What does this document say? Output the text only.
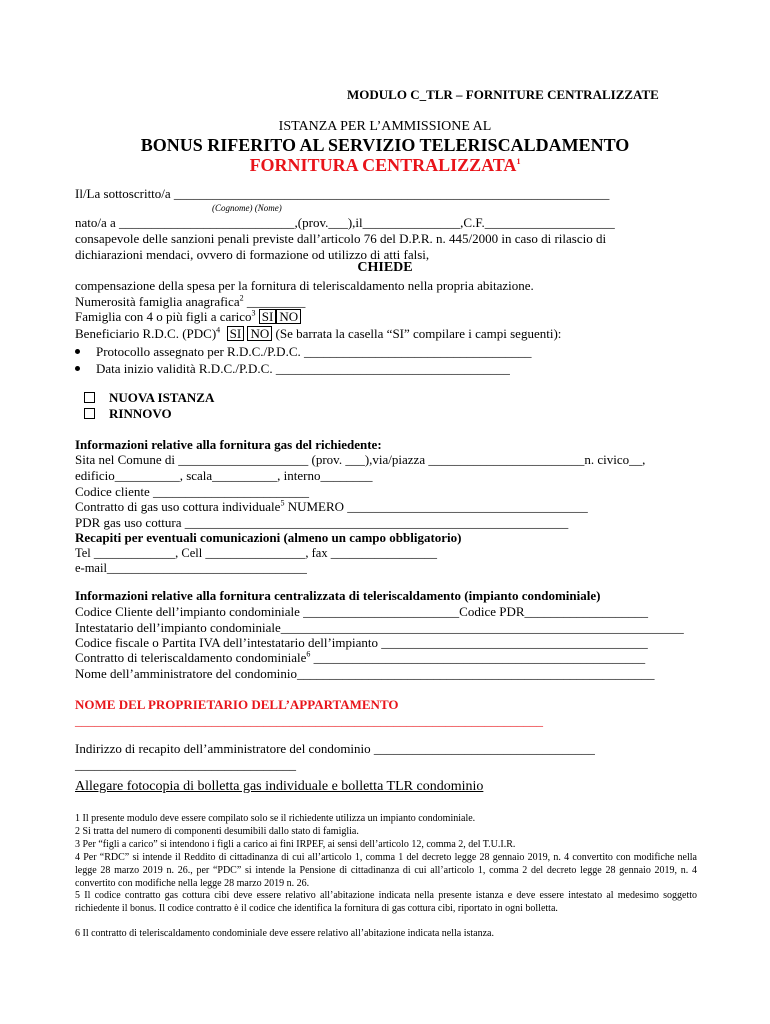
MODULO C_TLR – FORNITURE CENTRALIZZATE
ISTANZA PER L’AMMISSIONE AL
BONUS RIFERITO AL SERVIZIO TELERISCALDAMENTO
FORNITURA CENTRALIZZATA$^1$
Il/La sottoscritto/a ___________________________________________________________________
(Cognome) (Nome)
nato/a a ___________________________,(prov.___),il_______________,C.F.____________________
consapevole delle sanzioni penali previste dall’articolo 76 del D.P.R. n. 445/2000 in caso di rilascio di
dichiarazioni mendaci, ovvero di formazione od utilizzo di atti falsi,
CHIEDE
compensazione della spesa per la fornitura di teleriscaldamento nella propria abitazione.
Numerosità famiglia anagrafica$^2$ _________
Famiglia con 4 o più figli a carico$^3$ SI NO
Beneficiario R.D.C. (PDC)$^4$ SI NO (Se barrata la casella “SI” compilare i campi seguenti):
Protocollo assegnato per R.D.C./P.D.C. ___________________________________
Data inizio validità R.D.C./P.D.C. ____________________________________
NUOVA ISTANZA
RINNOVO
Informazioni relative alla fornitura gas del richiedente:
Sita nel Comune di ____________________ (prov. ___),via/piazza ________________________n. civico__,
edificio__________, scala__________, interno________
Codice cliente ________________________
Contratto di gas uso cottura individuale$^5$ NUMERO _____________________________________
PDR gas uso cottura ___________________________________________________________
Recapiti per eventuali comunicazioni (almeno un campo obbligatorio)
Tel _____________, Cell ________________, fax _________________
e-mail________________________________
Informazioni relative alla fornitura centralizzata di teleriscaldamento (impianto condominiale)
Codice Cliente dell’impianto condominiale ________________________Codice PDR___________________
Intestatario dell’impianto condominiale______________________________________________________________
Codice fiscale o Partita IVA dell’intestatario dell’impianto _________________________________________
Contratto di teleriscaldamento condominiale$^6$ ___________________________________________________
Nome dell’amministratore del condominio_______________________________________________________
NOME DEL PROPRIETARIO DELL’APPARTAMENTO
________________________________________________________________________
Indirizzo di recapito dell’amministratore del condominio __________________________________
__________________________________
Allegare fotocopia di bolletta gas individuale e bolletta TLR condominio
1 Il presente modulo deve essere compilato solo se il richiedente utilizza un impianto condominiale.
2 Si tratta del numero di componenti desumibili dallo stato di famiglia.
3 Per “figli a carico” si intendono i figli a carico ai fini IRPEF, ai sensi dell’articolo 12, comma 2, del T.U.I.R.
4 Per “RDC” si intende il Reddito di cittadinanza di cui all’articolo 1, comma 1 del decreto legge 28 gennaio 2019, n. 4 convertito con modifiche nella legge 28 marzo 2019 n. 26., per “PDC” si intende la Pensione di cittadinanza di cui all’articolo 1, comma 2 del decreto legge 28 gennaio 2019, n. 4 convertito con modifiche nella legge 28 marzo 2019 n. 26.
5 Il codice contratto gas cottura cibi deve essere relativo all’abitazione indicata nella presente istanza e deve essere intestato al medesimo soggetto richiedente il bonus. Il codice contratto è il codice che identifica la fornitura di gas cottura cibi, riportato in ogni bolletta.
6 Il contratto di teleriscaldamento condominiale deve essere relativo all’abitazione indicata nella istanza.
